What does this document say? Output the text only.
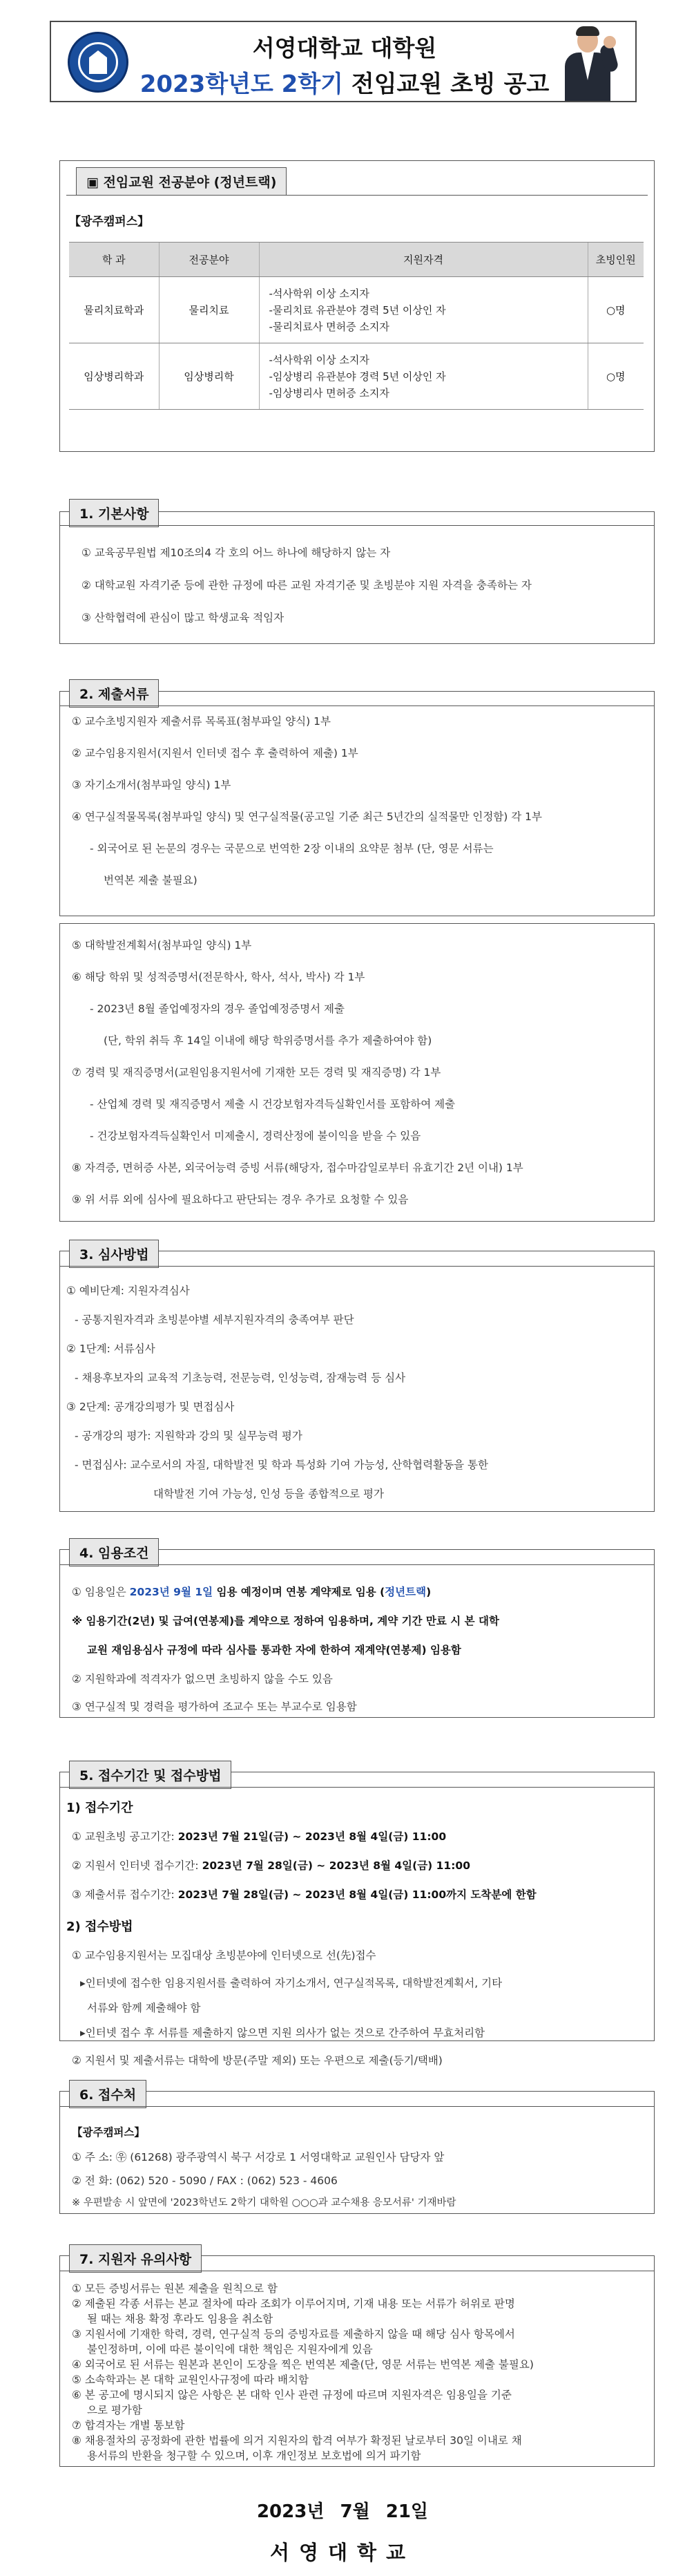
서영대학교 대학원
2023학년도 2학기 전임교원 초빙 공고
▣ 전임교원 전공분야 (정년트랙)
【광주캠퍼스】
학 과	전공분야	지원자격	초빙인원
물리치료학과	물리치료	-석사학위 이상 소지자
-물리치료 유관분야 경력 5년 이상인 자
-물리치료사 면허증 소지자	○명
임상병리학과	임상병리학	-석사학위 이상 소지자
-임상병리 유관분야 경력 5년 이상인 자
-임상병리사 면허증 소지자	○명
1. 기본사항
① 교육공무원법 제10조의4 각 호의 어느 하나에 해당하지 않는 자
② 대학교원 자격기준 등에 관한 규정에 따른 교원 자격기준 및 초빙분야 지원 자격을 충족하는 자
③ 산학협력에 관심이 많고 학생교육 적임자
2. 제출서류
① 교수초빙지원자 제출서류 목록표(첨부파일 양식) 1부
② 교수임용지원서(지원서 인터넷 접수 후 출력하여 제출) 1부
③ 자기소개서(첨부파일 양식) 1부
④ 연구실적물목록(첨부파일 양식) 및 연구실적물(공고일 기준 최근 5년간의 실적물만 인정함) 각 1부
- 외국어로 된 논문의 경우는 국문으로 번역한 2장 이내의 요약문 첨부 (단, 영문 서류는
번역본 제출 불필요)
⑤ 대학발전계획서(첨부파일 양식) 1부
⑥ 해당 학위 및 성적증명서(전문학사, 학사, 석사, 박사) 각 1부
- 2023년 8월 졸업예정자의 경우 졸업예정증명서 제출
(단, 학위 취득 후 14일 이내에 해당 학위증명서를 추가 제출하여야 함)
⑦ 경력 및 재직증명서(교원임용지원서에 기재한 모든 경력 및 재직증명) 각 1부
- 산업체 경력 및 재직증명서 제출 시 건강보험자격득실확인서를 포함하여 제출
- 건강보험자격득실확인서 미제출시, 경력산정에 불이익을 받을 수 있음
⑧ 자격증, 면허증 사본, 외국어능력 증빙 서류(해당자, 접수마감일로부터 유효기간 2년 이내) 1부
⑨ 위 서류 외에 심사에 필요하다고 판단되는 경우 추가로 요청할 수 있음
3. 심사방법
① 예비단계: 지원자격심사
- 공통지원자격과 초빙분야별 세부지원자격의 충족여부 판단
② 1단계: 서류심사
- 채용후보자의 교육적 기초능력, 전문능력, 인성능력, 잠재능력 등 심사
③ 2단계: 공개강의평가 및 면접심사
- 공개강의 평가: 지원학과 강의 및 실무능력 평가
- 면접심사: 교수로서의 자질, 대학발전 및 학과 특성화 기여 가능성, 산학협력활동을 통한
대학발전 기여 가능성, 인성 등을 종합적으로 평가
4. 임용조건
① 임용일은 2023년 9월 1일 임용 예정이며 연봉 계약제로 임용 (정년트랙)
※ 임용기간(2년) 및 급여(연봉제)를 계약으로 정하여 임용하며, 계약 기간 만료 시 본 대학
교원 재임용심사 규정에 따라 심사를 통과한 자에 한하여 재계약(연봉제) 임용함
② 지원학과에 적격자가 없으면 초빙하지 않을 수도 있음
③ 연구실적 및 경력을 평가하여 조교수 또는 부교수로 임용함
5. 접수기간 및 접수방법
1) 접수기간
① 교원초빙 공고기간: 2023년 7월 21일(금) ~ 2023년 8월 4일(금) 11:00
② 지원서 인터넷 접수기간: 2023년 7월 28일(금) ~ 2023년 8월 4일(금) 11:00
③ 제출서류 접수기간: 2023년 7월 28일(금) ~ 2023년 8월 4일(금) 11:00까지 도착분에 한함
2) 접수방법
① 교수임용지원서는 모집대상 초빙분야에 인터넷으로 선(先)접수
▸인터넷에 접수한 임용지원서를 출력하여 자기소개서, 연구실적목록, 대학발전계획서, 기타
서류와 함께 제출해야 함
▸인터넷 접수 후 서류를 제출하지 않으면 지원 의사가 없는 것으로 간주하여 무효처리함
② 지원서 및 제출서류는 대학에 방문(주말 제외) 또는 우편으로 제출(등기/택배)
6. 접수처
【광주캠퍼스】
① 주 소: ㉾ (61268) 광주광역시 북구 서강로 1 서영대학교 교원인사 담당자 앞
② 전 화: (062) 520 - 5090 / FAX : (062) 523 - 4606
※ 우편발송 시 앞면에 '2023학년도 2학기 대학원 ○○○과 교수채용 응모서류' 기재바람
7. 지원자 유의사항
① 모든 증빙서류는 원본 제출을 원칙으로 함
② 제출된 각종 서류는 본교 절차에 따라 조회가 이루어지며, 기재 내용 또는 서류가 허위로 판명
될 때는 채용 확정 후라도 임용을 취소함
③ 지원서에 기재한 학력, 경력, 연구실적 등의 증빙자료를 제출하지 않을 때 해당 심사 항목에서
불인정하며, 이에 따른 불이익에 대한 책임은 지원자에게 있음
④ 외국어로 된 서류는 원본과 본인이 도장을 찍은 번역본 제출(단, 영문 서류는 번역본 제출 불필요)
⑤ 소속학과는 본 대학 교원인사규정에 따라 배치함
⑥ 본 공고에 명시되지 않은 사항은 본 대학 인사 관련 규정에 따르며 지원자격은 임용일을 기준
으로 평가함
⑦ 합격자는 개별 통보함
⑧ 채용절차의 공정화에 관한 법률에 의거 지원자의 합격 여부가 확정된 날로부터 30일 이내로 채
용서류의 반환을 청구할 수 있으며, 이후 개인정보 보호법에 의거 파기함
2023년 7월 21일
서영대학교
